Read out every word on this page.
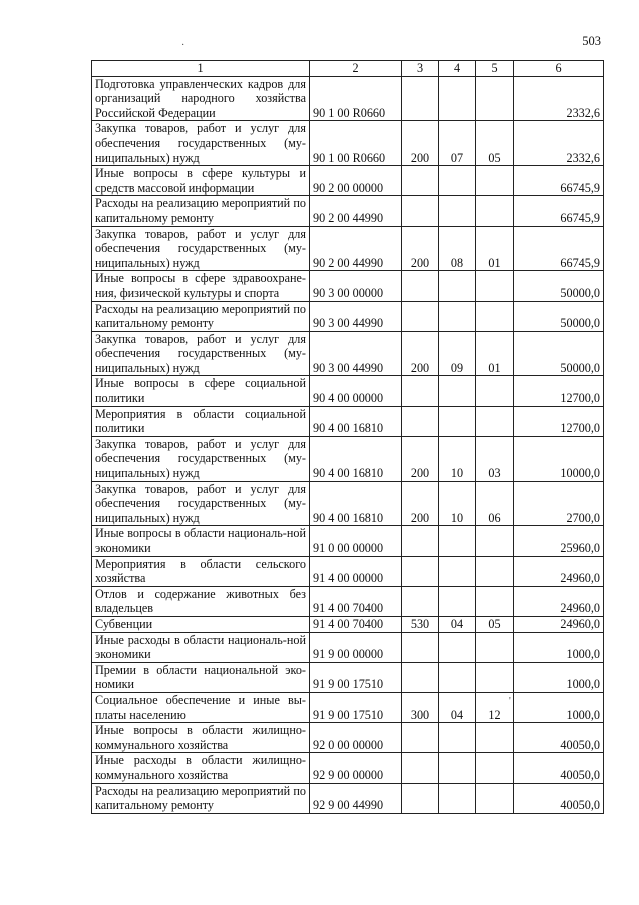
503
1	2	3	4	5	6
Подготовка управленческих кадров для организаций народного хозяйства Российской Федерации	90 1 00 R0660				2332,6
Закупка товаров, работ и услуг для обеспечения государственных (му-ниципальных) нужд	90 1 00 R0660	200	07	05	2332,6
Иные вопросы в сфере культуры и средств массовой информации	90 2 00 00000				66745,9
Расходы на реализацию мероприятий по капитальному ремонту	90 2 00 44990				66745,9
Закупка товаров, работ и услуг для обеспечения государственных (му-ниципальных) нужд	90 2 00 44990	200	08	01	66745,9
Иные вопросы в сфере здравоохране-ния, физической культуры и спорта	90 3 00 00000				50000,0
Расходы на реализацию мероприятий по капитальному ремонту	90 3 00 44990				50000,0
Закупка товаров, работ и услуг для обеспечения государственных (му-ниципальных) нужд	90 3 00 44990	200	09	01	50000,0
Иные вопросы в сфере социальной политики	90 4 00 00000				12700,0
Мероприятия в области социальной политики	90 4 00 16810				12700,0
Закупка товаров, работ и услуг для обеспечения государственных (му-ниципальных) нужд	90 4 00 16810	200	10	03	10000,0
Закупка товаров, работ и услуг для обеспечения государственных (му-ниципальных) нужд	90 4 00 16810	200	10	06	2700,0
Иные вопросы в области националь-ной экономики	91 0 00 00000				25960,0
Мероприятия в области сельского хозяйства	91 4 00 00000				24960,0
Отлов и содержание животных без владельцев	91 4 00 70400				24960,0
Субвенции	91 4 00 70400	530	04	05	24960,0
Иные расходы в области националь-ной экономики	91 9 00 00000				1000,0
Премии в области национальной эко-номики	91 9 00 17510				1000,0
Социальное обеспечение и иные вы-платы населению	91 9 00 17510	300	04	12	1000,0
Иные вопросы в области жилищно-коммунального хозяйства	92 0 00 00000				40050,0
Иные расходы в области жилищно-коммунального хозяйства	92 9 00 00000				40050,0
Расходы на реализацию мероприятий по капитальному ремонту	92 9 00 44990				40050,0
·
'
